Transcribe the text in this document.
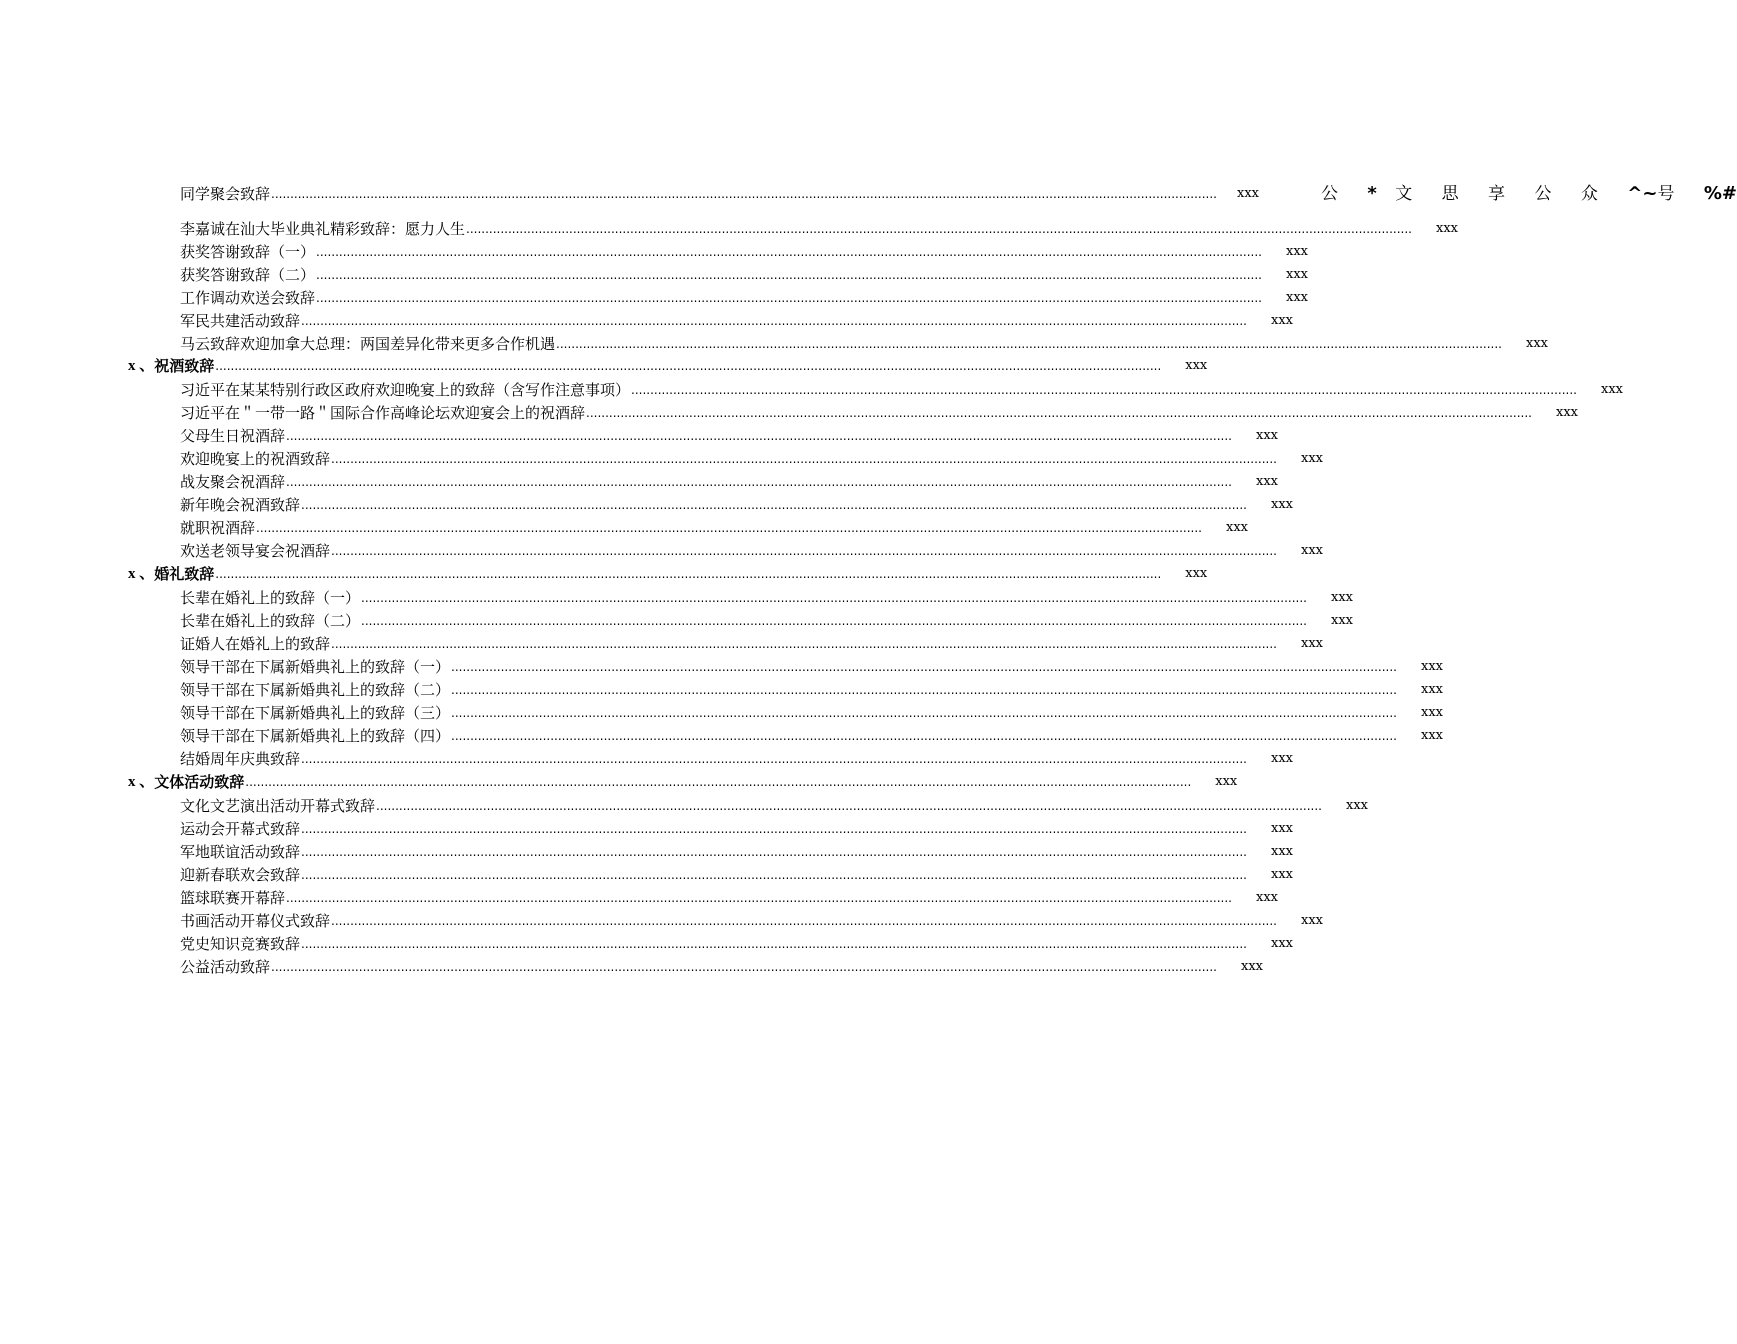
同学聚会致辞 .....	xxx	公 * 文 思 享 公 众 ^~号 %#
李嘉诚在汕大毕业典礼精彩致辞：愿力人生 .....	xxx
获奖答谢致辞（一） .....	xxx
获奖答谢致辞（二） .....	xxx
工作调动欢送会致辞 .....	xxx
军民共建活动致辞 .....	xxx
马云致辞欢迎加拿大总理：两国差异化带来更多合作机遇 .....	xxx
x 、 祝酒致辞 .....	xxx
习近平在某某特别行政区政府欢迎晚宴上的致辞（含写作注意事项） .....	xxx
习近平在＂一带一路＂国际合作高峰论坛欢迎宴会上的祝酒辞 .....	xxx
父母生日祝酒辞 .....	xxx
欢迎晚宴上的祝酒致辞 .....	xxx
战友聚会祝酒辞 .....	xxx
新年晚会祝酒致辞 .....	xxx
就职祝酒辞 .....	xxx
欢送老领导宴会祝酒辞 .....	xxx
x 、 婚礼致辞 .....	xxx
长辈在婚礼上的致辞（一） .....	xxx
长辈在婚礼上的致辞（二） .....	xxx
证婚人在婚礼上的致辞 .....	xxx
领导干部在下属新婚典礼上的致辞（一） .....	xxx
领导干部在下属新婚典礼上的致辞（二） .....	xxx
领导干部在下属新婚典礼上的致辞（三） .....	xxx
领导干部在下属新婚典礼上的致辞（四） .....	xxx
结婚周年庆典致辞 .....	xxx
x 、 文体活动致辞 .....	xxx
文化文艺演出活动开幕式致辞 .....	xxx
运动会开幕式致辞 .....	xxx
军地联谊活动致辞 .....	xxx
迎新春联欢会致辞 .....	xxx
篮球联赛开幕辞 .....	xxx
书画活动开幕仪式致辞 .....	xxx
党史知识竞赛致辞 .....	xxx
公益活动致辞 .....	xxx
